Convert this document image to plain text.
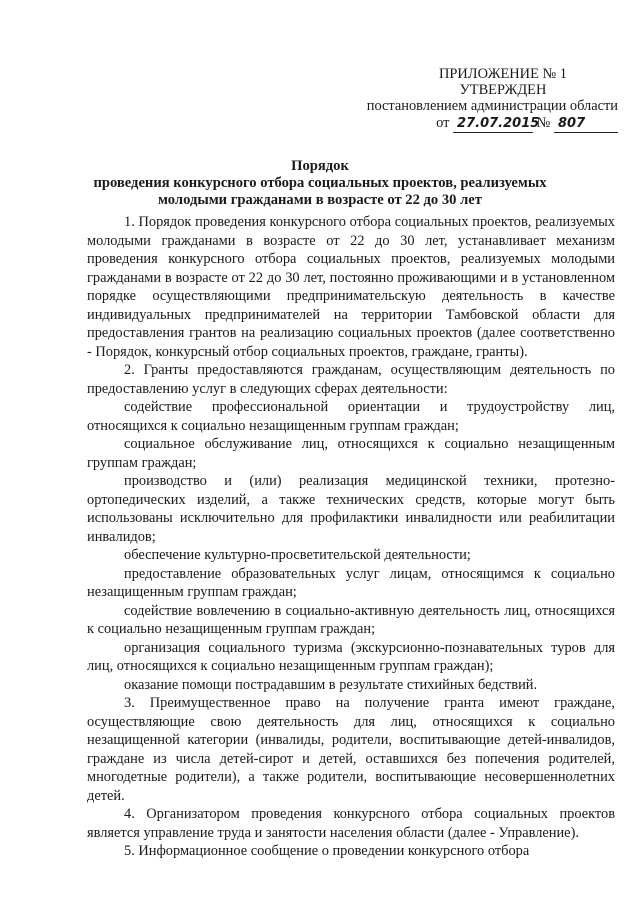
ПРИЛОЖЕНИЕ № 1
УТВЕРЖДЕН
постановлением администрации области
от 27.07.2015 № 807
Порядок
проведения конкурсного отбора социальных проектов, реализуемых
молодыми гражданами в возрасте от 22 до 30 лет

1. Порядок проведения конкурсного отбора социальных проектов, реализуемых молодыми гражданами в возрасте от 22 до 30 лет, устанавливает механизм проведения конкурсного отбора социальных проектов, реализуемых молодыми гражданами в возрасте от 22 до 30 лет, постоянно проживающими и в установленном порядке осуществляющими предпринимательскую деятельность в качестве индивидуальных предпринимателей на территории Тамбовской области для предоставления грантов на реализацию социальных проектов (далее соответственно - Порядок, конкурсный отбор социальных проектов, граждане, гранты).

2. Гранты предоставляются гражданам, осуществляющим деятельность по предоставлению услуг в следующих сферах деятельности:

содействие профессиональной ориентации и трудоустройству лиц, относящихся к социально незащищенным группам граждан;

социальное обслуживание лиц, относящихся к социально незащищенным группам граждан;

производство и (или) реализация медицинской техники, протезно-ортопедических изделий, а также технических средств, которые могут быть использованы исключительно для профилактики инвалидности или реабилитации инвалидов;

обеспечение культурно-просветительской деятельности;

предоставление образовательных услуг лицам, относящимся к социально незащищенным группам граждан;

содействие вовлечению в социально-активную деятельность лиц, относящихся к социально незащищенным группам граждан;

организация социального туризма (экскурсионно-познавательных туров для лиц, относящихся к социально незащищенным группам граждан);

оказание помощи пострадавшим в результате стихийных бедствий.

3. Преимущественное право на получение гранта имеют граждане, осуществляющие свою деятельность для лиц, относящихся к социально незащищенной категории (инвалиды, родители, воспитывающие детей-инвалидов, граждане из числа детей-сирот и детей, оставшихся без попечения родителей, многодетные родители), а также родители, воспитывающие несовершеннолетних детей.

4. Организатором проведения конкурсного отбора социальных проектов является управление труда и занятости населения области (далее - Управление).

5. Информационное сообщение о проведении конкурсного отбора
